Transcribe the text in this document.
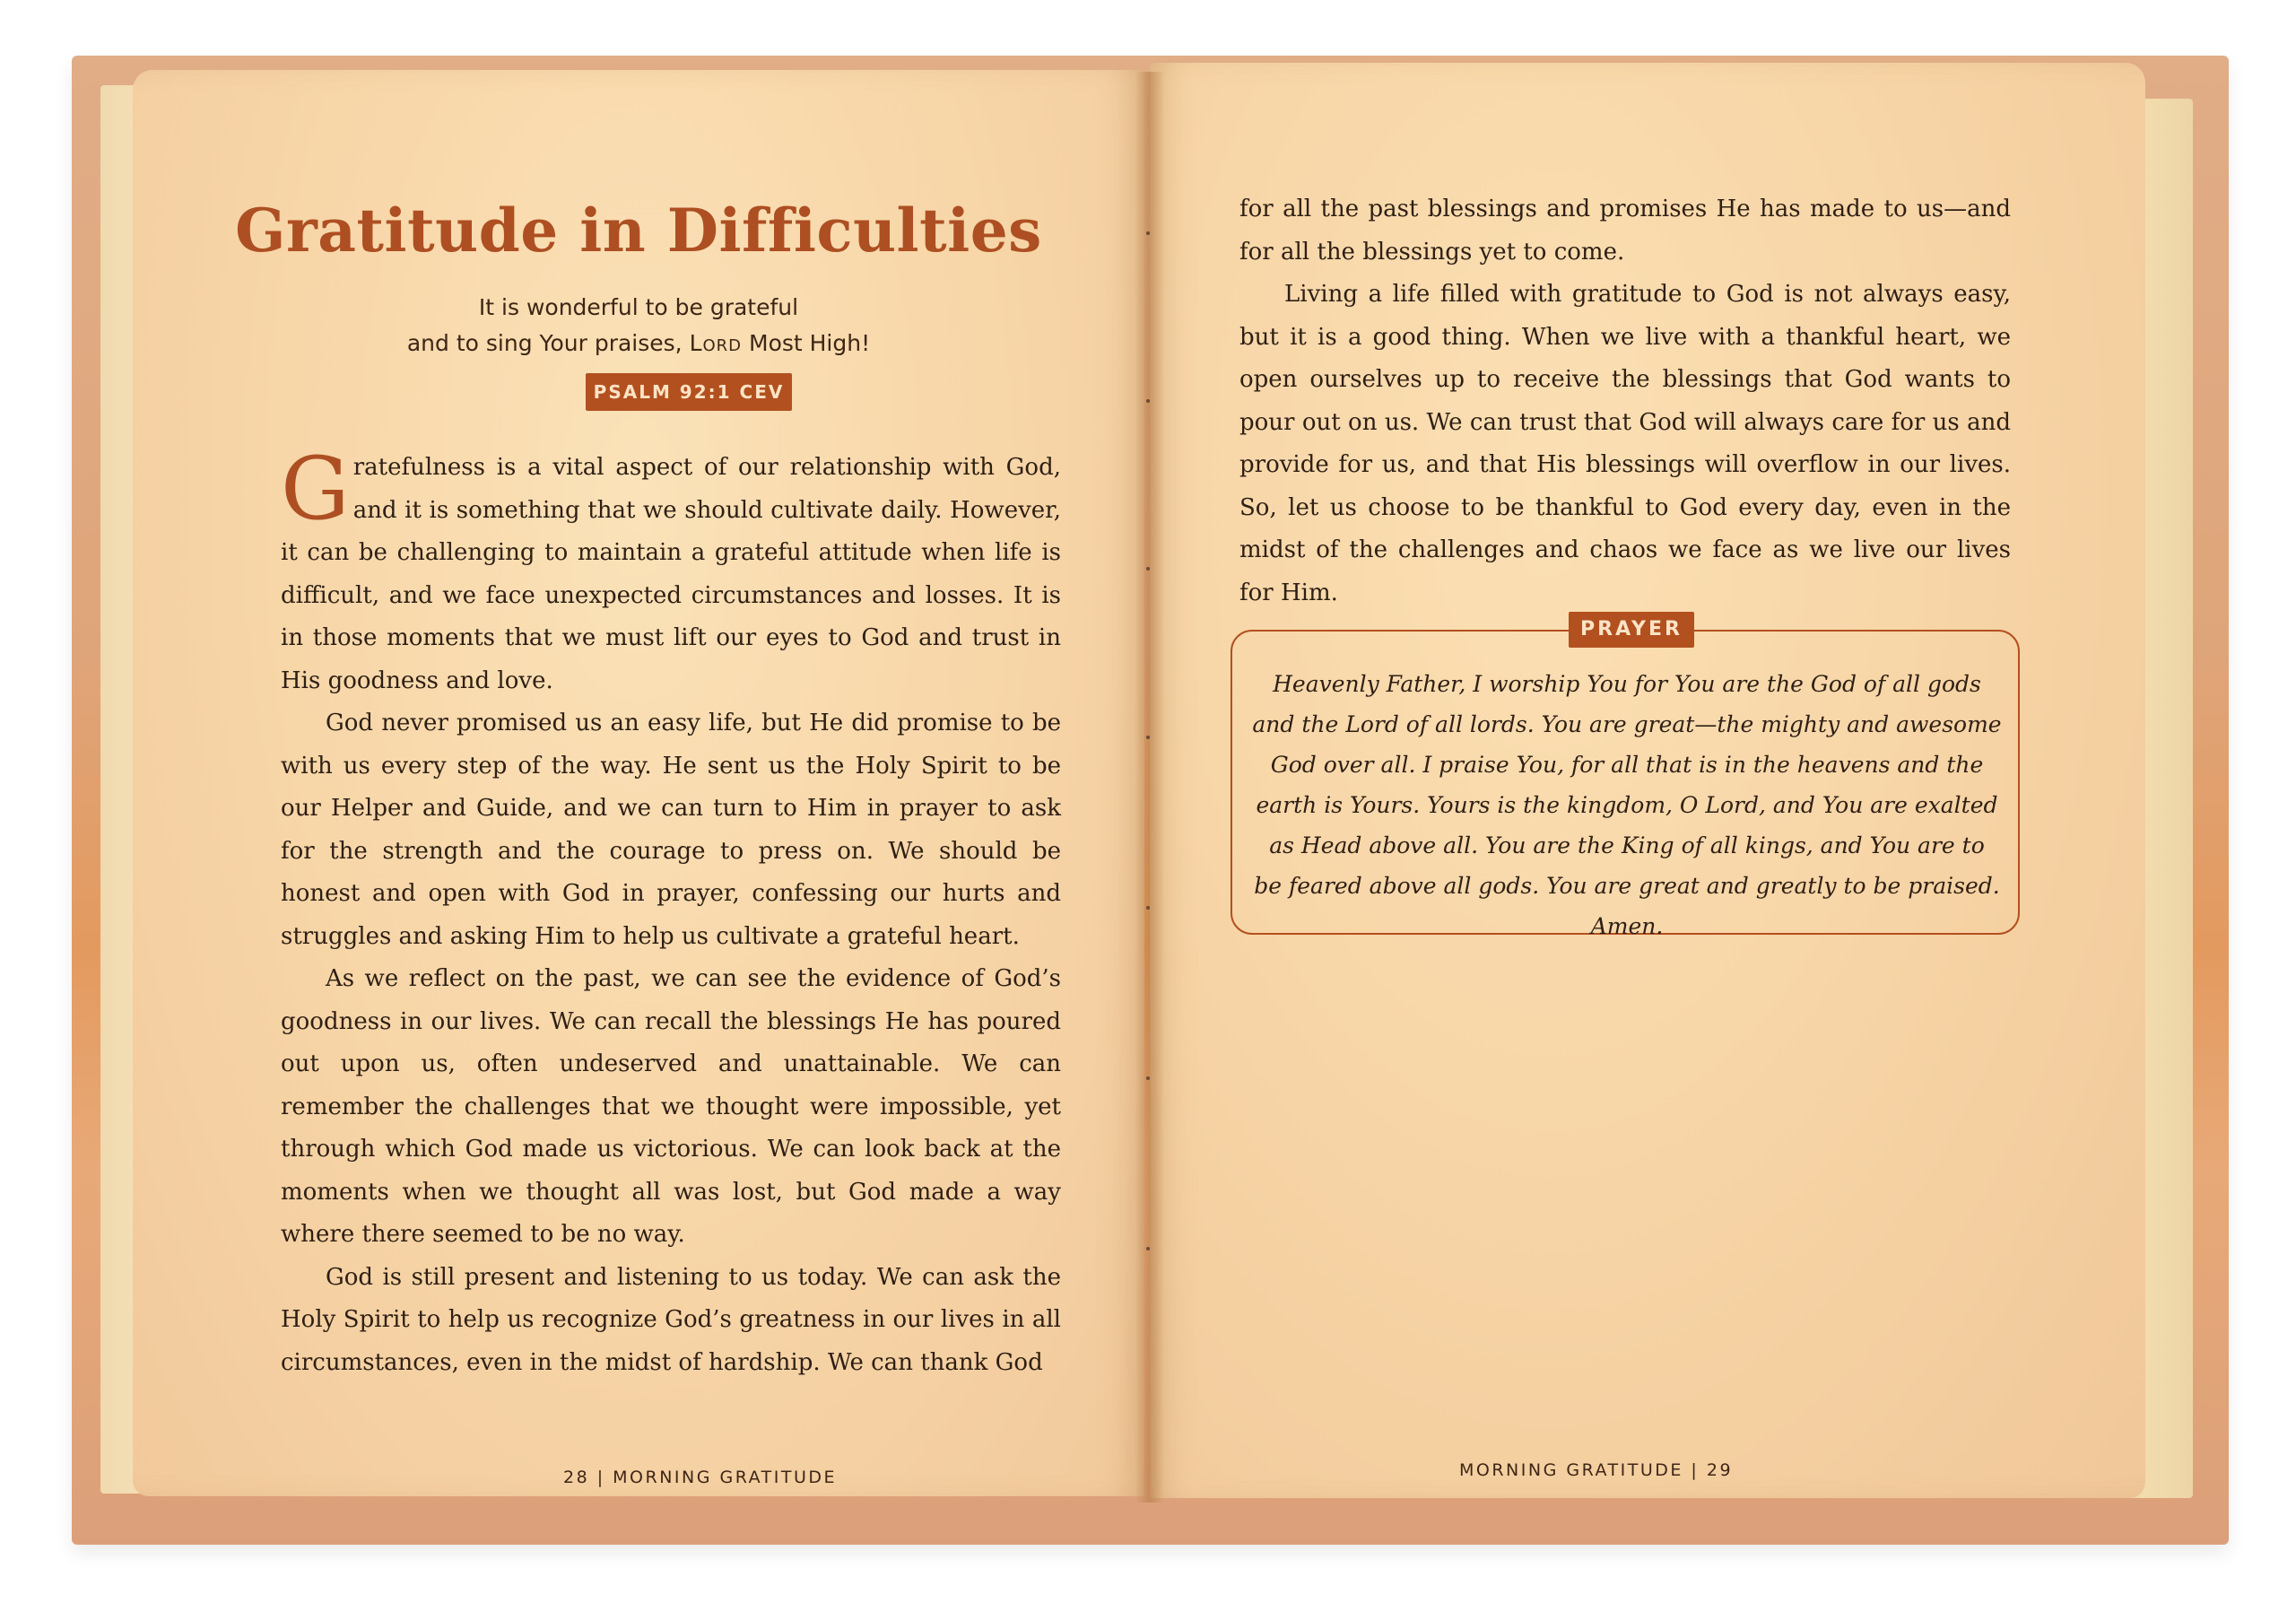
Gratitude in Difficulties
It is wonderful to be grateful
and to sing Your praises, Lord Most High!
PSALM 92:1 CEV

Gratefulness is a vital aspect of our relationship with God, and it is something that we should cultivate daily. However, it can be challenging to maintain a grateful attitude when life is difficult, and we face unexpected circumstances and losses. It is in those moments that we must lift our eyes to God and trust in His goodness and love.

God never promised us an easy life, but He did promise to be with us every step of the way. He sent us the Holy Spirit to be our Helper and Guide, and we can turn to Him in prayer to ask for the strength and the courage to press on. We should be honest and open with God in prayer, confessing our hurts and struggles and asking Him to help us cultivate a grateful heart.

As we reflect on the past, we can see the evidence of God’s goodness in our lives. We can recall the blessings He has poured out upon us, often undeserved and unattainable. We can remember the challenges that we thought were impossible, yet through which God made us victorious. We can look back at the moments when we thought all was lost, but God made a way where there seemed to be no way.

God is still present and listening to us today. We can ask the Holy Spirit to help us recognize God’s greatness in our lives in all circumstances, even in the midst of hardship. We can thank God

28 | MORNING GRATITUDE

for all the past blessings and promises He has made to us—and for all the blessings yet to come.

Living a life filled with gratitude to God is not always easy, but it is a good thing. When we live with a thankful heart, we open ourselves up to receive the blessings that God wants to pour out on us. We can trust that God will always care for us and provide for us, and that His blessings will overflow in our lives. So, let us choose to be thankful to God every day, even in the midst of the challenges and chaos we face as we live our lives for Him.

PRAYER
Heavenly Father, I worship You for You are the God of all gods and the Lord of all lords. You are great—the mighty and awesome God over all. I praise You, for all that is in the heavens and the earth is Yours. Yours is the kingdom, O Lord, and You are exalted as Head above all. You are the King of all kings, and You are to be feared above all gods. You are great and greatly to be praised. Amen.
MORNING GRATITUDE | 29
